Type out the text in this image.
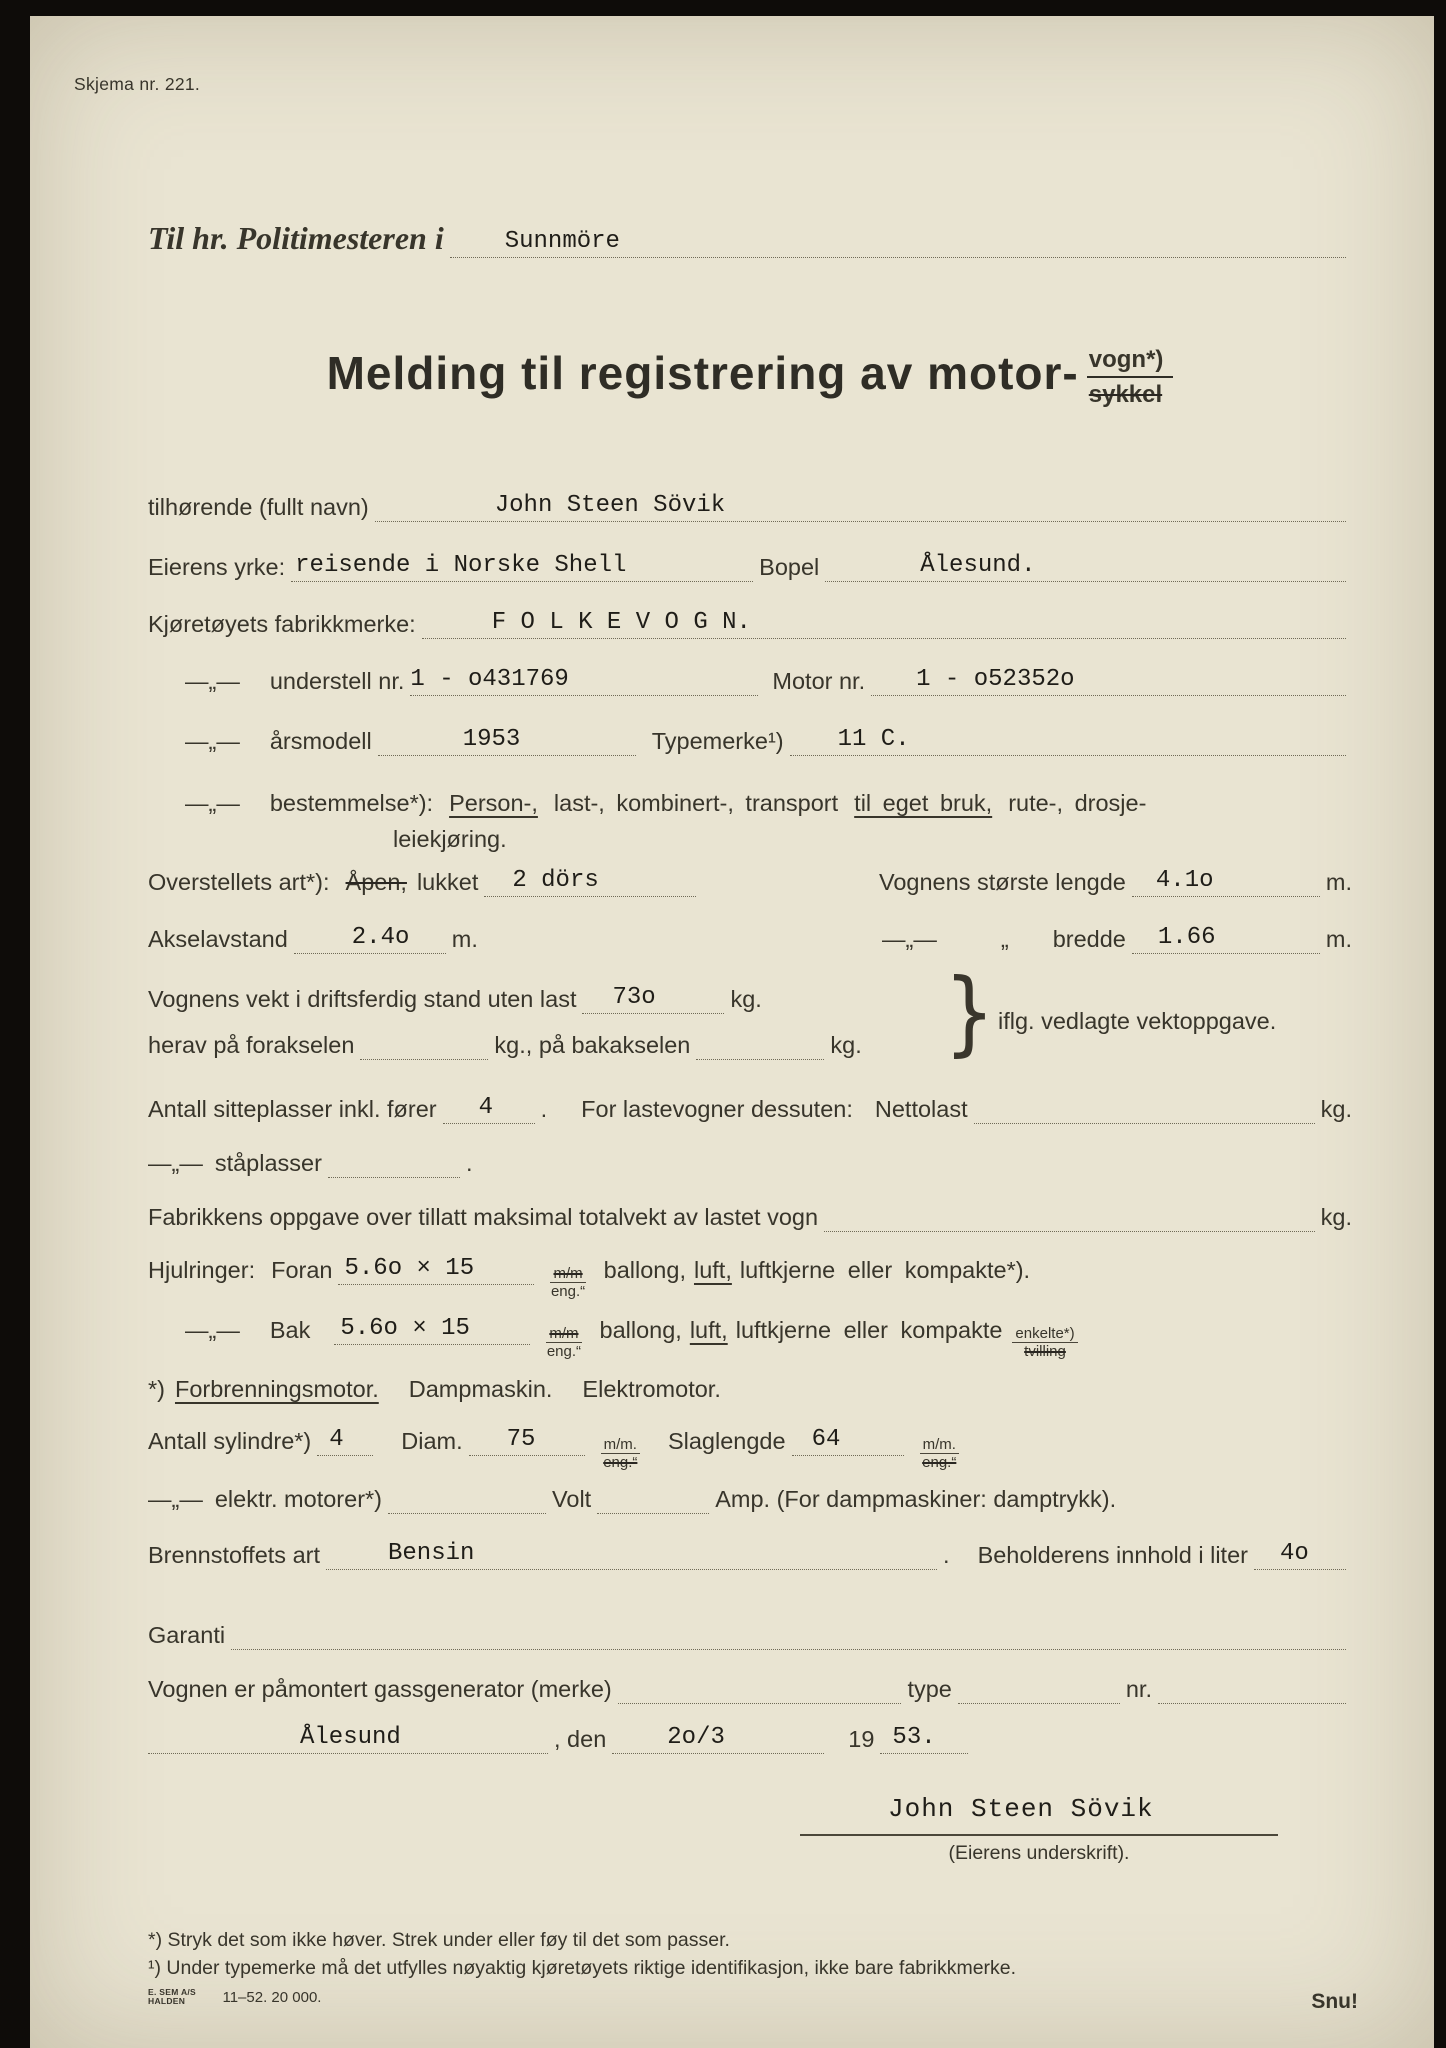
Skjema nr. 221.
Til hr. Politimesteren i	Sunnmöre
Melding til registrering av motor- vogn*)
sykkel
tilhørende (fullt navn)	John Steen Sövik
Eierens yrke: reisende i Norske Shell	Bopel	Ålesund.
Kjøretøyets fabrikkmerke:	F O L K E V O G N.
—„— understell nr. 1 - o431769	Motor nr. 1 - o52352o
—„— årsmodell	1953	Typemerke¹) 11 C.
—„— bestemmelse*): Person-, last-, kombinert-, transport til eget bruk, rute-, drosje-
leiekjøring.
Overstellets art*): Åpen, lukket 2 dörs	Vognens største lengde 4.1o	m.
Akselavstand	2.4o m.	—„—	„ bredde 1.66	m.
Vognens vekt i driftsferdig stand uten last 73o	kg.
herav på forakselen	kg., på bakakselen	kg. } iflg. vedlagte vektoppgave.
Antall sitteplasser inkl. fører 4 . For lastevogner dessuten: Nettolast	kg.
—„— ståplasser	.
Fabrikkens oppgave over tillatt maksimal totalvekt av lastet vogn	kg.
Hjulringer: Foran 5.6o × 15	m/m
eng.“
ballong, luft, luftkjerne eller kompakte*).
—„— Bak 5.6o × 15	m/m
eng.“
ballong, luft, luftkjerne eller kompakte enkelte*)
tvilling
*) Forbrenningsmotor. Dampmaskin. Elektromotor.
Antall sylindre*) 4 Diam. 75	m/m.
eng.“
Slaglengde 64	m/m.
eng.“
—„— elektr. motorer*)	Volt	Amp. (For dampmaskiner: damptrykk).
Brennstoffets art	Bensin	. Beholderens innhold i liter 4o
Garanti
Vognen er påmontert gassgenerator (merke)	type	nr.
Ålesund	, den	2o/3	19 53.
John Steen Sövik
(Eierens underskrift).
*) Stryk det som ikke høver. Strek under eller føy til det som passer.
¹) Under typemerke må det utfylles nøyaktig kjøretøyets riktige identifikasjon, ikke bare fabrikkmerke.
E. SEM A/S
HALDEN	11–52. 20 000.	Snu!
